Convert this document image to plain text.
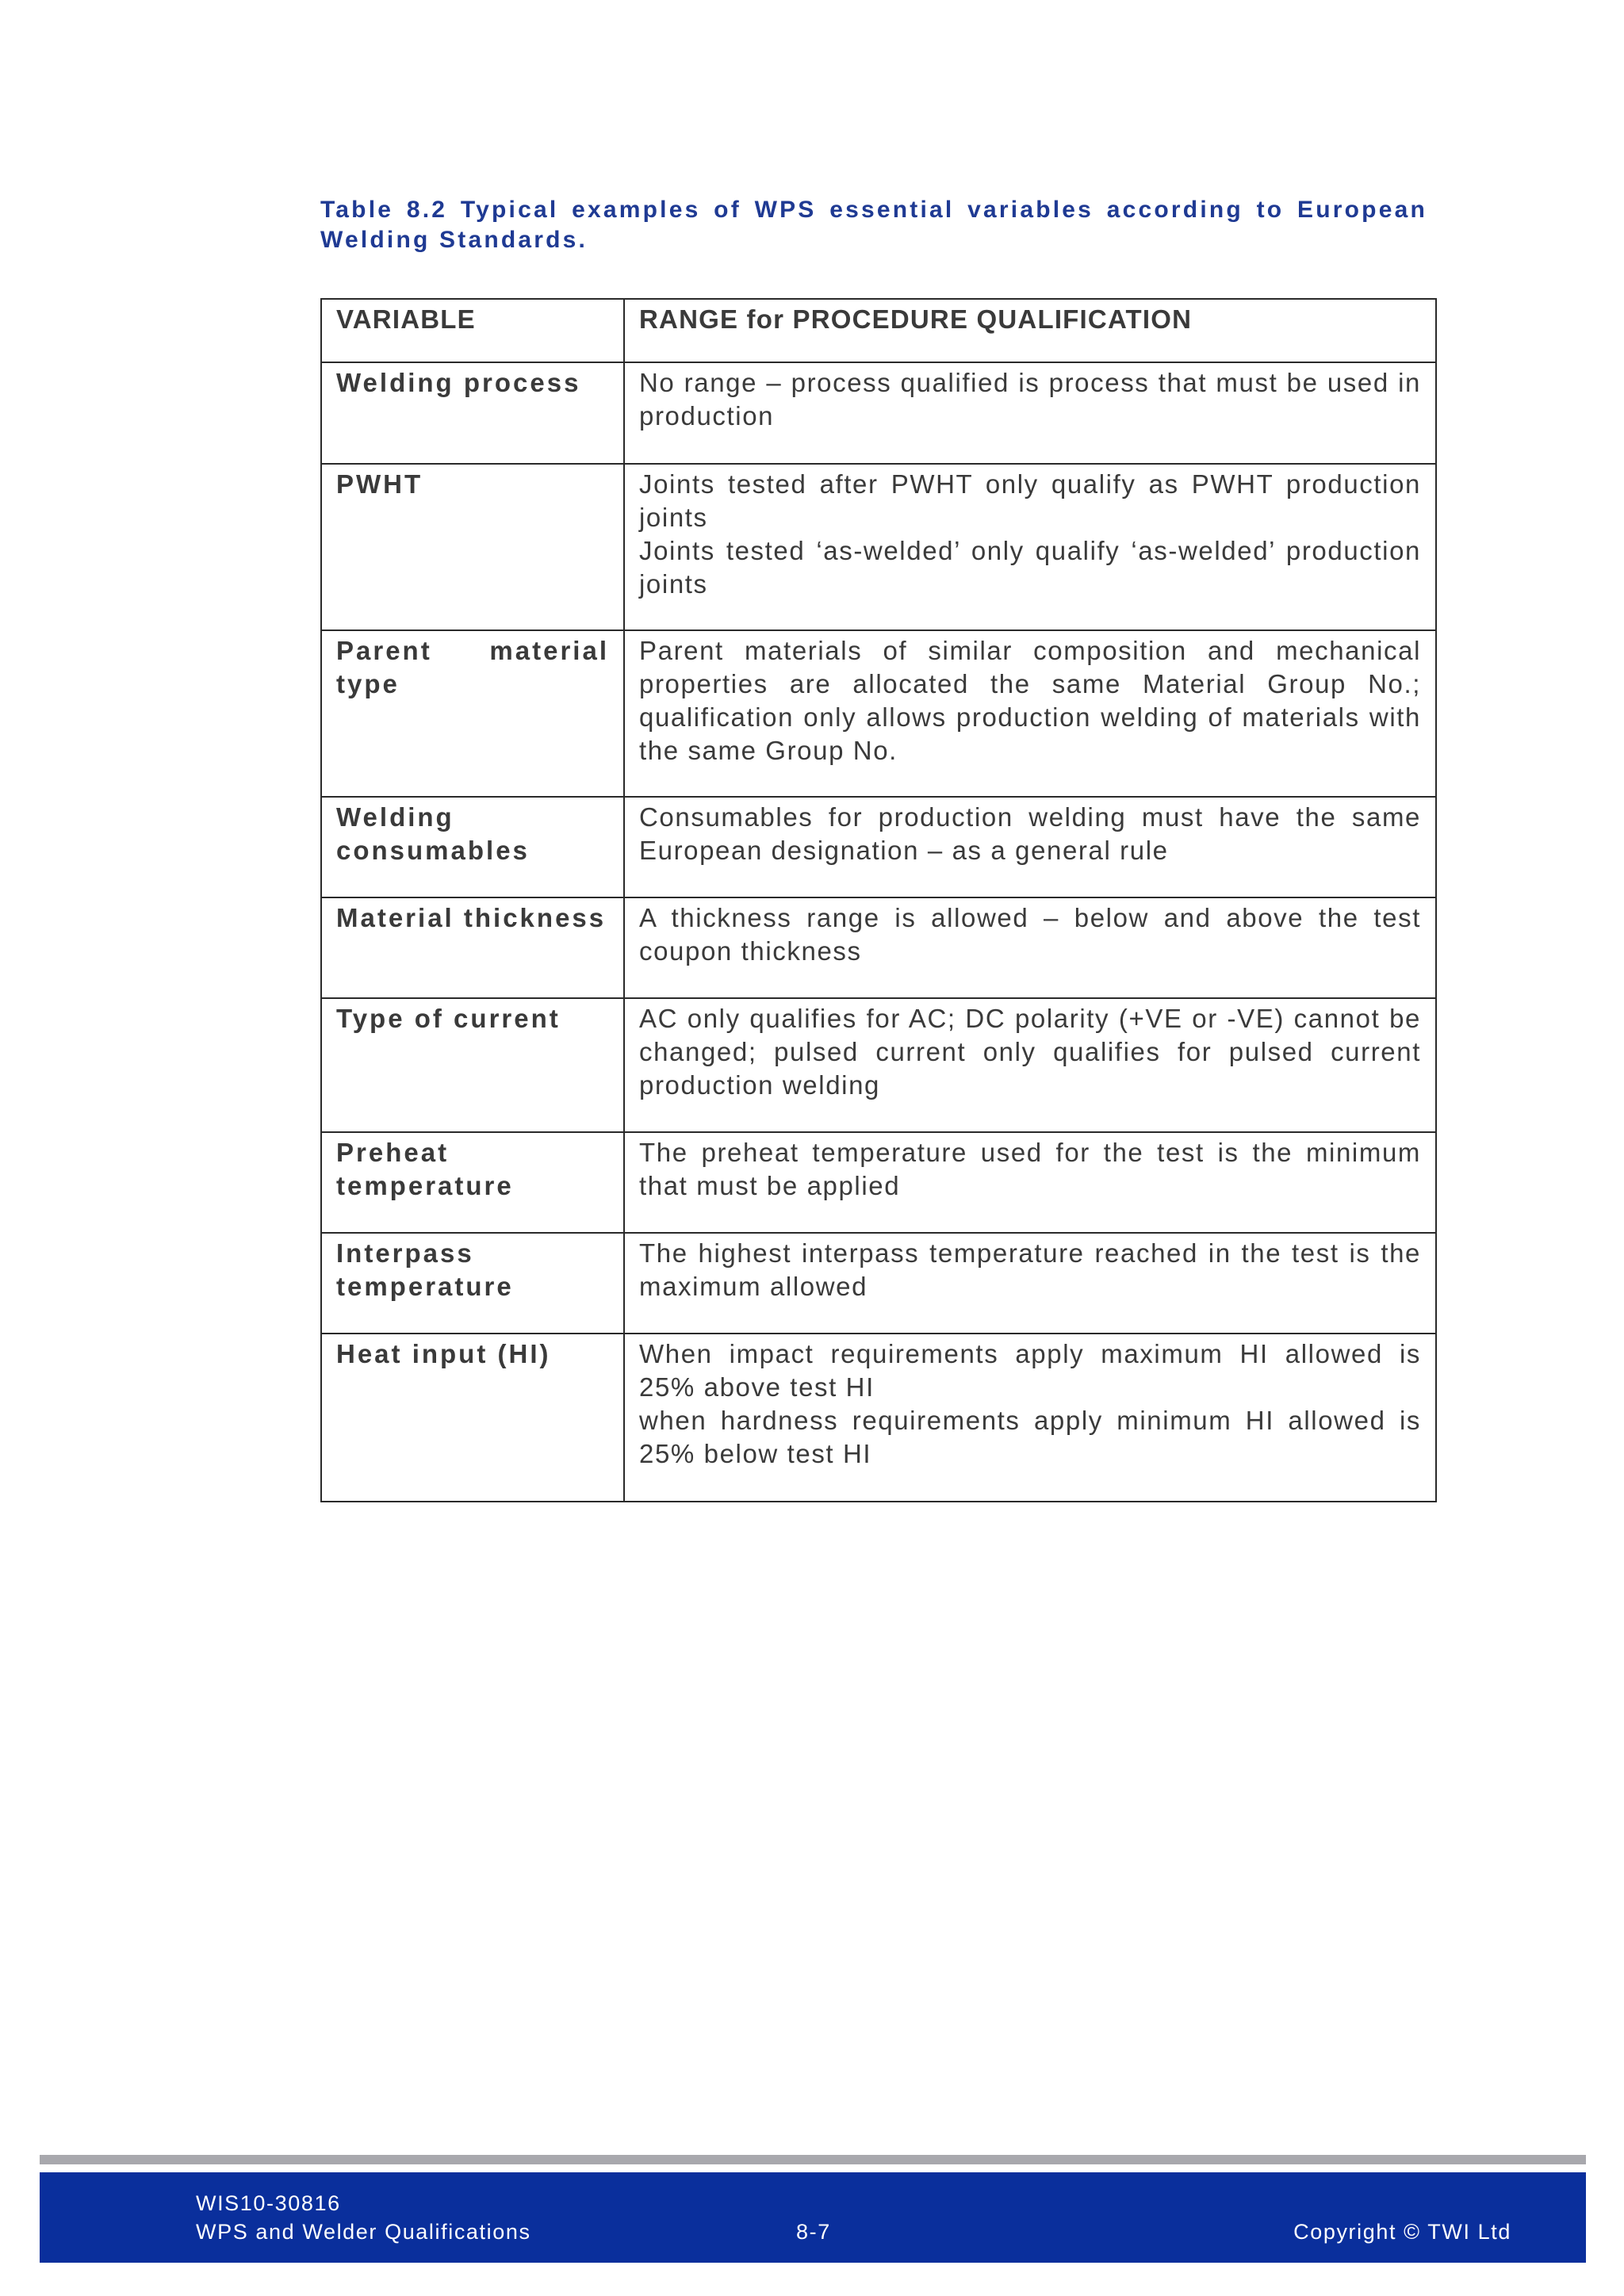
Table 8.2 Typical examples of WPS essential variables according to European Welding Standards.
VARIABLE	RANGE for PROCEDURE QUALIFICATION
Welding process	No range – process qualified is process that must be used in production

PWHT	Joints tested after PWHT only qualify as PWHT production joints
Joints tested ‘as-welded’ only qualify ‘as-welded’ production joints

Parent material type	Parent materials of similar composition and mechanical properties are allocated the same Material Group No.; qualification only allows production welding of materials with the same Group No.

Welding consumables	Consumables for production welding must have the same European designation – as a general rule

Material thickness	A thickness range is allowed – below and above the test coupon thickness

Type of current	AC only qualifies for AC; DC polarity (+VE or -VE) cannot be changed; pulsed current only qualifies for pulsed current production welding

Preheat temperature	The preheat temperature used for the test is the minimum that must be applied

Interpass temperature	The highest interpass temperature reached in the test is the maximum allowed

Heat input (HI)	When impact requirements apply maximum HI allowed is 25% above test HI
when hardness requirements apply minimum HI allowed is 25% below test HI
WIS10-30816
WPS and Welder Qualifications	8-7	Copyright © TWI Ltd
